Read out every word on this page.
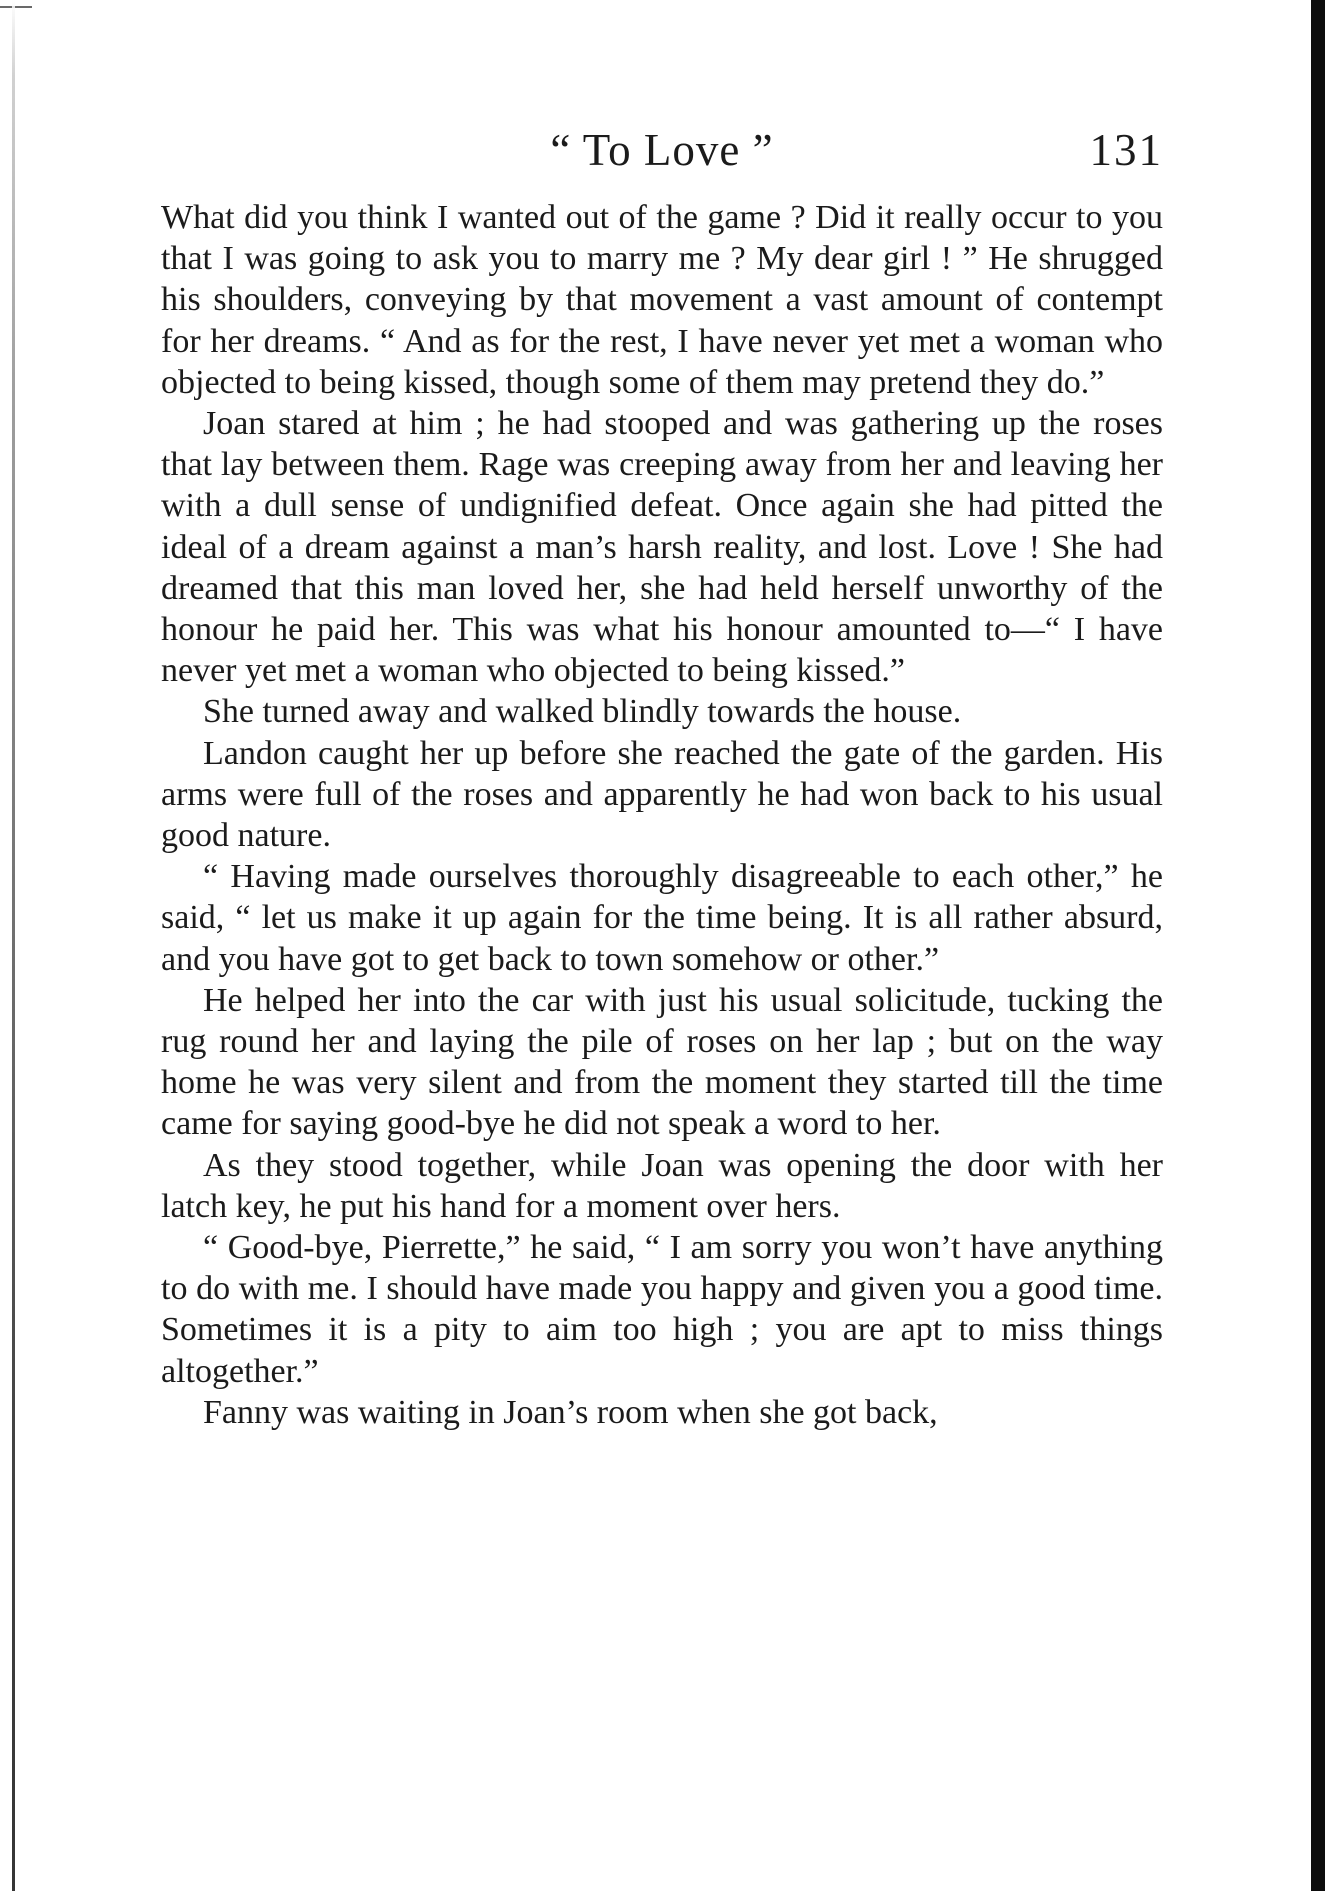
“ To Love ”	131

What did you think I wanted out of the game ? Did it really occur to you that I was going to ask you to marry me ? My dear girl ! ” He shrugged his shoulders, conveying by that movement a vast amount of contempt for her dreams. “ And as for the rest, I have never yet met a woman who objected to being kissed, though some of them may pretend they do.”

Joan stared at him ; he had stooped and was gathering up the roses that lay between them. Rage was creeping away from her and leaving her with a dull sense of undignified defeat. Once again she had pitted the ideal of a dream against a man’s harsh reality, and lost. Love ! She had dreamed that this man loved her, she had held herself unworthy of the honour he paid her. This was what his honour amounted to—“ I have never yet met a woman who objected to being kissed.”

She turned away and walked blindly towards the house.

Landon caught her up before she reached the gate of the garden. His arms were full of the roses and apparently he had won back to his usual good nature.

“ Having made ourselves thoroughly disagreeable to each other,” he said, “ let us make it up again for the time being. It is all rather absurd, and you have got to get back to town somehow or other.”

He helped her into the car with just his usual solicitude, tucking the rug round her and laying the pile of roses on her lap ; but on the way home he was very silent and from the moment they started till the time came for saying good-bye he did not speak a word to her.

As they stood together, while Joan was opening the door with her latch key, he put his hand for a moment over hers.

“ Good-bye, Pierrette,” he said, “ I am sorry you won’t have anything to do with me. I should have made you happy and given you a good time. Sometimes it is a pity to aim too high ; you are apt to miss things altogether.”

Fanny was waiting in Joan’s room when she got back,
